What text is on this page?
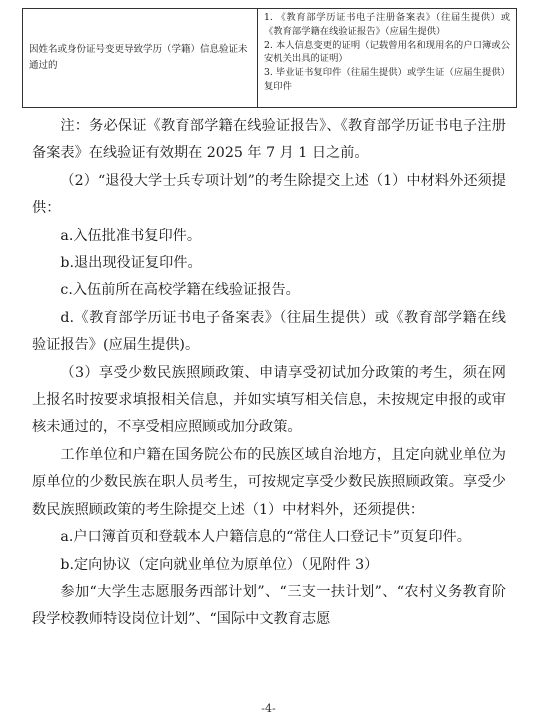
因姓名或身份证号变更导致学历（学籍）信息验证未通过的
1. 《教育部学历证书电子注册备案表》（往届生提供）或《教育部学籍在线验证报告》（应届生提供）
2. 本人信息变更的证明（记载曾用名和现用名的户口簿或公安机关出具的证明）
3. 毕业证书复印件（往届生提供）或学生证（应届生提供）复印件

注：务必保证《教育部学籍在线验证报告》、《教育部学历证书电子注册备案表》在线验证有效期在 2025 年 7 月 1 日之前。

（2）“退役大学士兵专项计划”的考生除提交上述（1）中材料外还须提供：

a.入伍批准书复印件。

b.退出现役证复印件。

c.入伍前所在高校学籍在线验证报告。

d.《教育部学历证书电子备案表》（往届生提供）或《教育部学籍在线验证报告》(应届生提供)。

（3）享受少数民族照顾政策、申请享受初试加分政策的考生，须在网上报名时按要求填报相关信息，并如实填写相关信息，未按规定申报的或审核未通过的，不享受相应照顾或加分政策。

工作单位和户籍在国务院公布的民族区域自治地方，且定向就业单位为原单位的少数民族在职人员考生，可按规定享受少数民族照顾政策。享受少数民族照顾政策的考生除提交上述（1）中材料外，还须提供：

a.户口簿首页和登载本人户籍信息的“常住人口登记卡”页复印件。

b.定向协议（定向就业单位为原单位）（见附件 3）

参加“大学生志愿服务西部计划”、“三支一扶计划”、“农村义务教育阶段学校教师特设岗位计划”、“国际中文教育志愿

-4-
